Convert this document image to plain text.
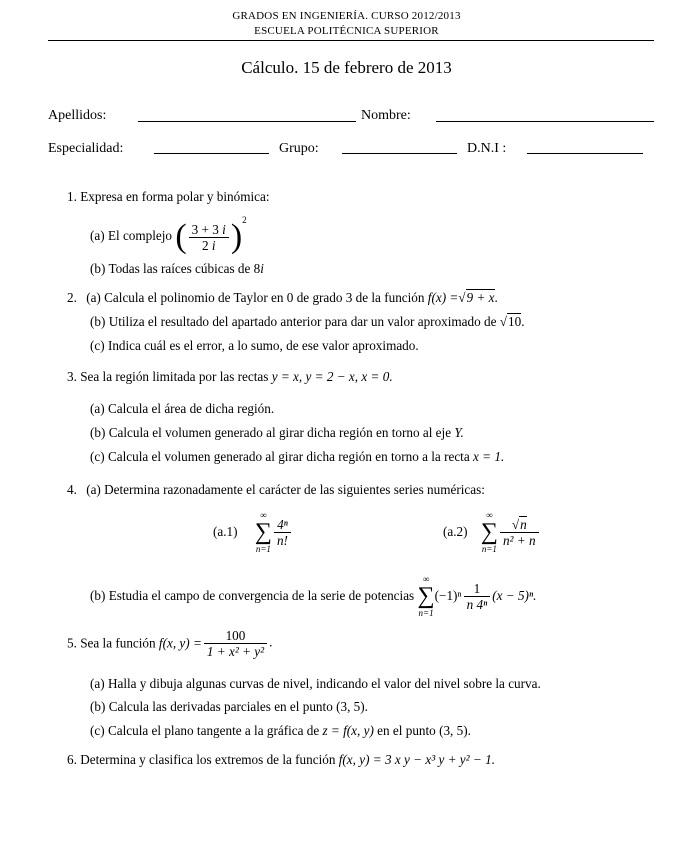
GRADOS EN INGENIERÍA. CURSO 2012/2013
ESCUELA POLITÉCNICA SUPERIOR
Cálculo. 15 de febrero de 2013
Apellidos:	Nombre:
Especialidad:	Grupo:	D.N.I :
1. Expresa en forma polar y binómica:
(a) El complejo ( $\frac{3 + 3 i}{2 i} )^2$
(b) Todas las raíces cúbicas de 8i
2. (a) Calcula el polinomio de Taylor en 0 de grado 3 de la función f(x) =√9 + x.
(b) Utiliza el resultado del apartado anterior para dar un valor aproximado de √10.
(c) Indica cuál es el error, a lo sumo, de ese valor aproximado.
3. Sea la región limitada por las rectas y = x, y = 2 − x, x = 0.
(a) Calcula el área de dicha región.
(b) Calcula el volumen generado al girar dicha región en torno al eje Y.
(c) Calcula el volumen generado al girar dicha región en torno a la recta x = 1.
4. (a) Determina razonadamente el carácter de las siguientes series numéricas:
(a.1)
∞
∑
n=1
$\frac{\text{4ⁿ}}{n!}$	(a.2)
∞
∑
n=1
$\frac{√n}{\text{n² + n}}$
(b) Estudia el campo de convergencia de la serie de potencias
∞
∑
n=1
$(-1)^n \frac{1}{\text{n 4ⁿ}} (x - 5)^n$.
5. Sea la función f(x, $y) = \frac{100}{\text{1 + x² + y²}}$ .
(a) Halla y dibuja algunas curvas de nivel, indicando el valor del nivel sobre la curva.
(b) Calcula las derivadas parciales en el punto (3, 5).
(c) Calcula el plano tangente a la gráfica de z = f(x, y) en el punto (3, 5).
6. Determina y clasifica los extremos de la función f(x, y) = 3 x y − x³ y + y² − 1.
